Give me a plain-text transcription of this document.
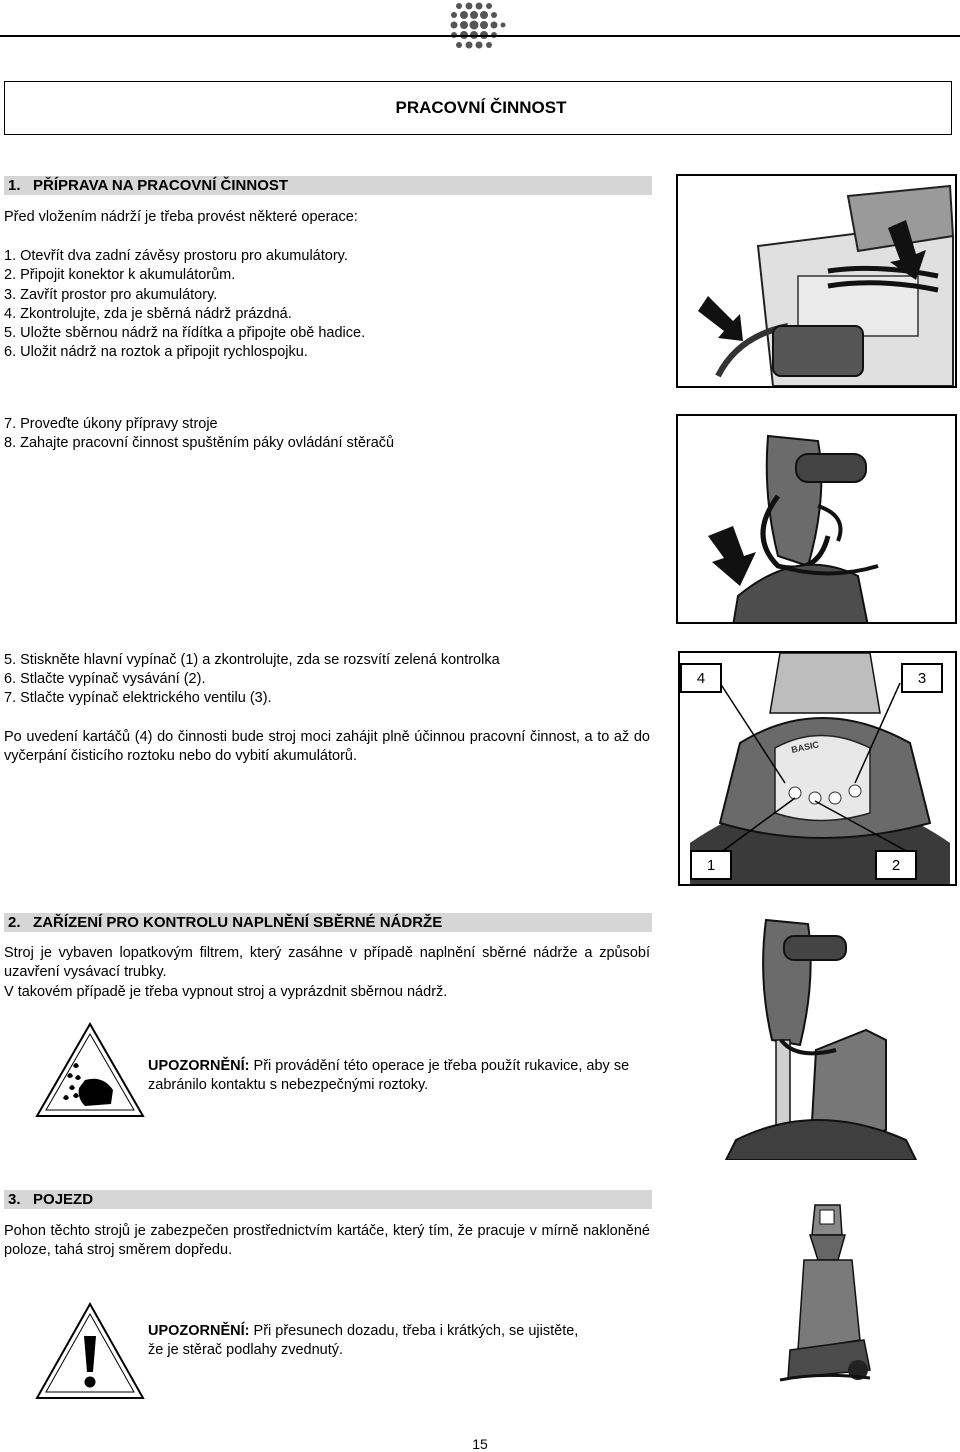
PRACOVNÍ ČINNOST
1. PŘÍPRAVA NA PRACOVNÍ ČINNOST
Před vložením nádrží je třeba provést některé operace:
1. Otevřít dva zadní závěsy prostoru pro akumulátory.
2. Připojit konektor k akumulátorům.
3. Zavřít prostor pro akumulátory.
4. Zkontrolujte, zda je sběrná nádrž prázdná.
5. Uložte sběrnou nádrž na řídítka a připojte obě hadice.
6. Uložit nádrž na roztok a připojit rychlospojku.
7. Proveďte úkony přípravy stroje
8. Zahajte pracovní činnost spuštěním páky ovládání stěračů
5. Stiskněte hlavní vypínač (1) a zkontrolujte, zda se rozsvítí zelená kontrolka
6. Stlačte vypínač vysávání (2).
7. Stlačte vypínač elektrického ventilu (3).
Po uvedení kartáčů (4) do činnosti bude stroj moci zahájit plně účinnou pracovní činnost, a to až do vyčerpání čisticího roztoku nebo do vybití akumulátorů.
BASIC
4	3
1	2
2. ZAŘÍZENÍ PRO KONTROLU NAPLNĚNÍ SBĚRNÉ NÁDRŽE
Stroj je vybaven lopatkovým filtrem, který zasáhne v případě naplnění sběrné nádrže a způsobí uzavření vysávací trubky.
V takovém případě je třeba vypnout stroj a vyprázdnit sběrnou nádrž.
UPOZORNĚNÍ: Při provádění této operace je třeba použít rukavice, aby se zabránilo kontaktu s nebezpečnými roztoky.
3. POJEZD
Pohon těchto strojů je zabezpečen prostřednictvím kartáče, který tím, že pracuje v mírně nakloněné poloze, tahá stroj směrem dopředu.
UPOZORNĚNÍ: Při přesunech dozadu, třeba i krátkých, se ujistěte, že je stěrač podlahy zvednutý.
15
